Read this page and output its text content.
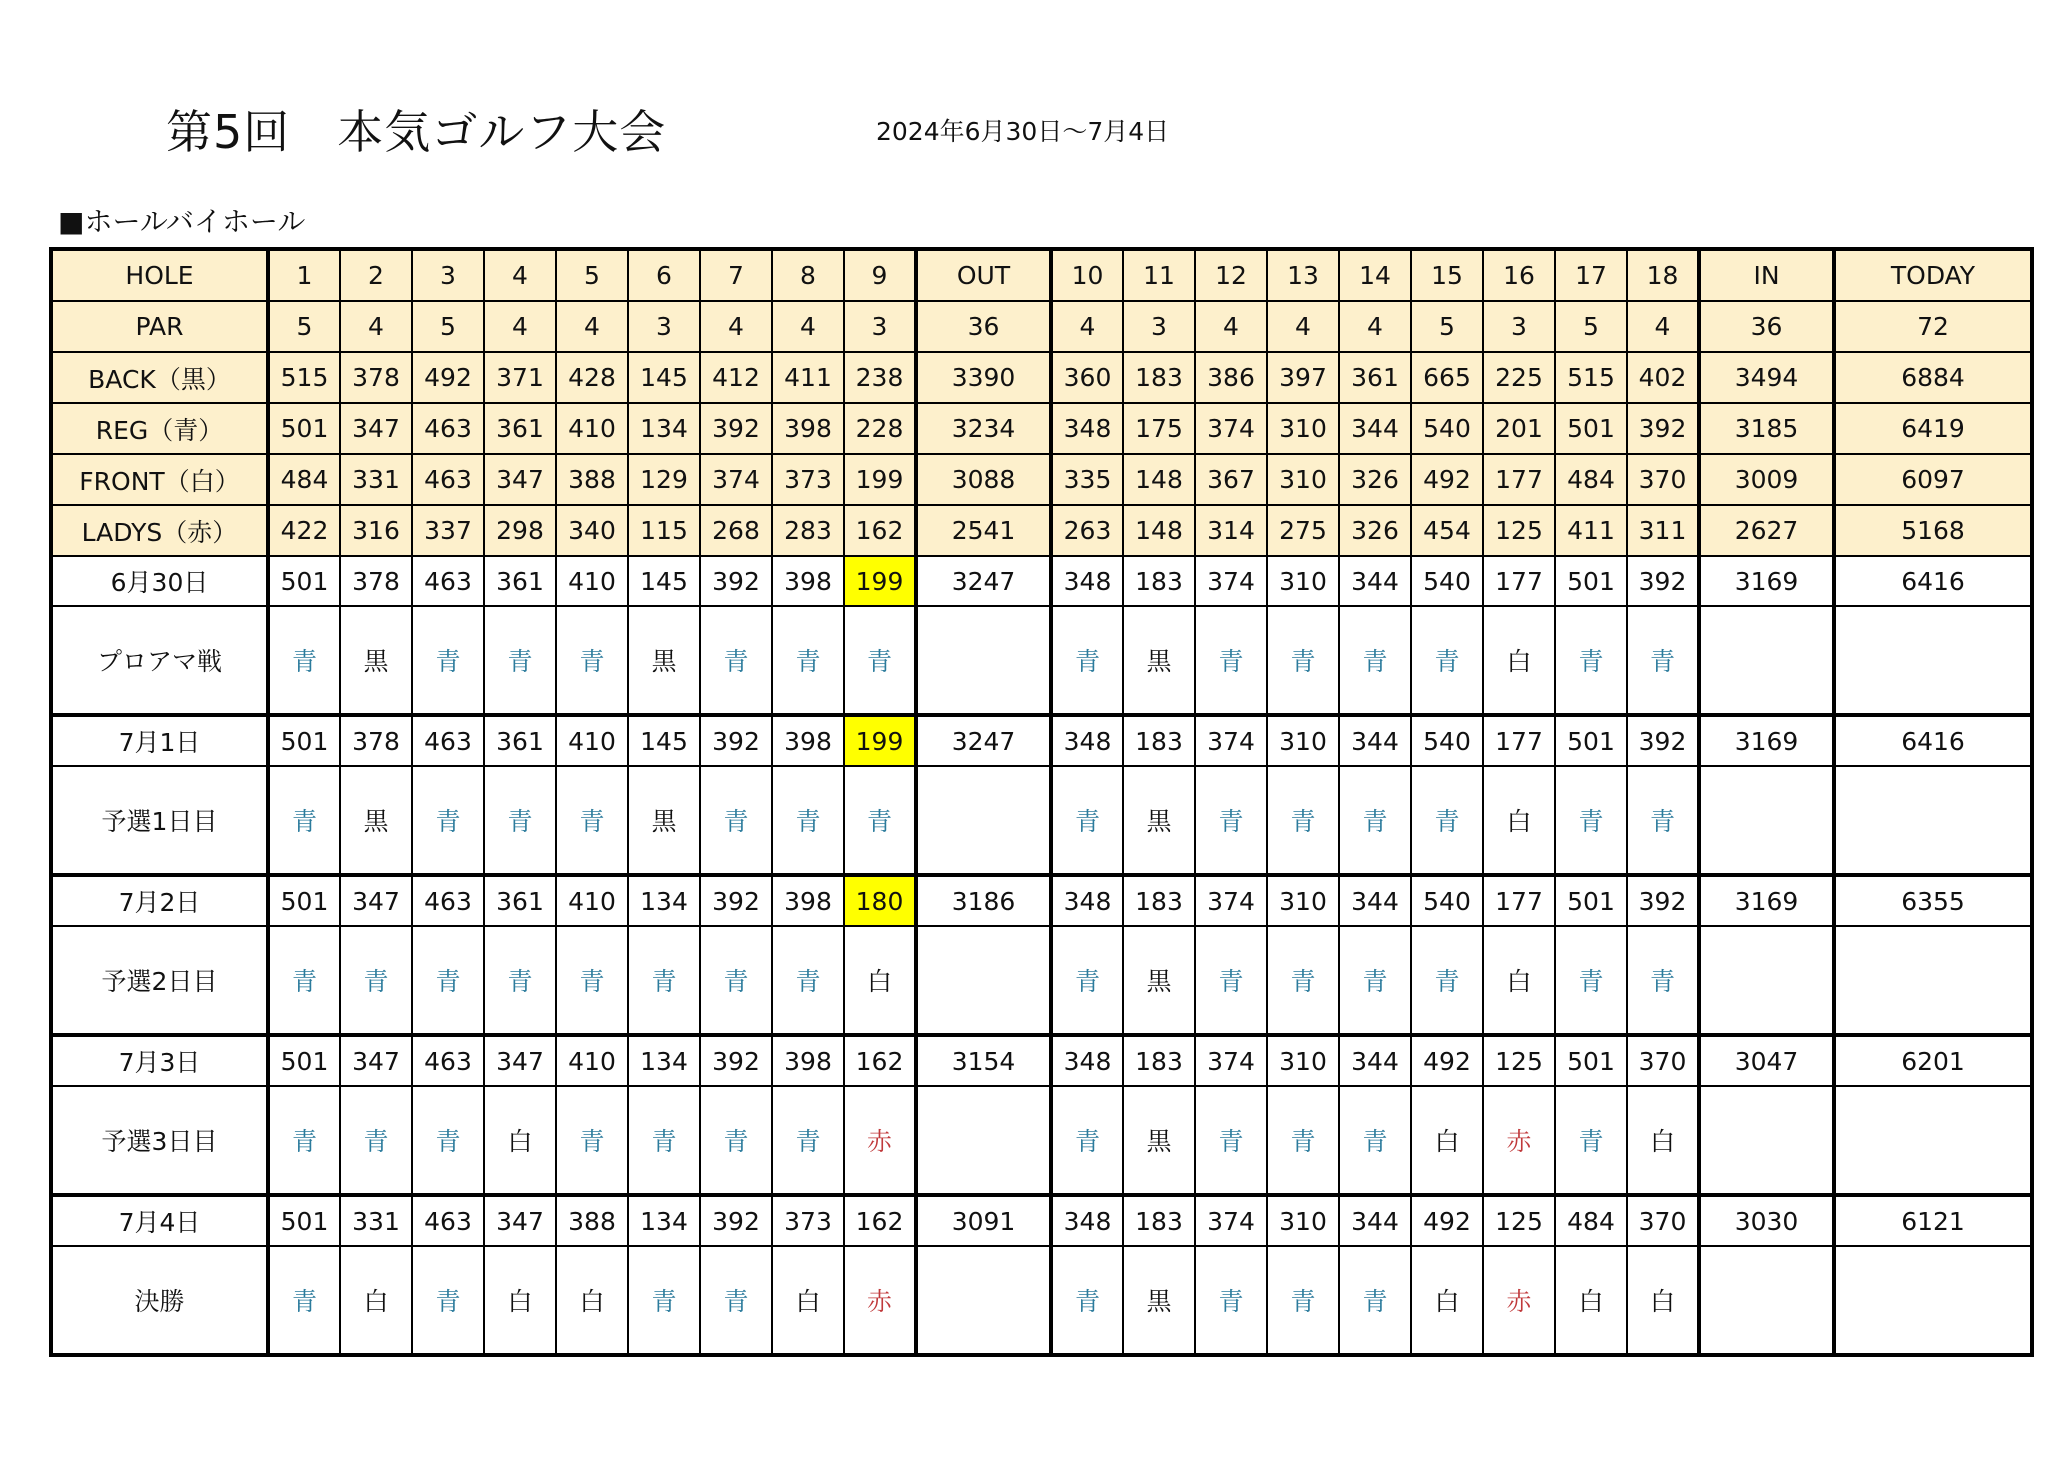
第5回　本気ゴルフ大会	2024年6月30日〜7月4日
■ホールバイホール
HOLE	1	2	3	4	5	6	7	8	9	OUT	10	11	12	13	14	15	16	17	18	IN	TODAY
PAR	5	4	5	4	4	3	4	4	3	36	4	3	4	4	4	5	3	5	4	36	72
BACK（黒）	515	378	492	371	428	145	412	411	238	3390	360	183	386	397	361	665	225	515	402	3494	6884
REG（青）	501	347	463	361	410	134	392	398	228	3234	348	175	374	310	344	540	201	501	392	3185	6419
FRONT（白）	484	331	463	347	388	129	374	373	199	3088	335	148	367	310	326	492	177	484	370	3009	6097
LADYS（赤）	422	316	337	298	340	115	268	283	162	2541	263	148	314	275	326	454	125	411	311	2627	5168
6月30日	501	378	463	361	410	145	392	398	199	3247	348	183	374	310	344	540	177	501	392	3169	6416
プロアマ戦	青	黒	青	青	青	黒	青	青	青		青	黒	青	青	青	青	白	青	青		
7月1日	501	378	463	361	410	145	392	398	199	3247	348	183	374	310	344	540	177	501	392	3169	6416
予選1日目	青	黒	青	青	青	黒	青	青	青		青	黒	青	青	青	青	白	青	青		
7月2日	501	347	463	361	410	134	392	398	180	3186	348	183	374	310	344	540	177	501	392	3169	6355
予選2日目	青	青	青	青	青	青	青	青	白		青	黒	青	青	青	青	白	青	青		
7月3日	501	347	463	347	410	134	392	398	162	3154	348	183	374	310	344	492	125	501	370	3047	6201
予選3日目	青	青	青	白	青	青	青	青	赤		青	黒	青	青	青	白	赤	青	白		
7月4日	501	331	463	347	388	134	392	373	162	3091	348	183	374	310	344	492	125	484	370	3030	6121
決勝	青	白	青	白	白	青	青	白	赤		青	黒	青	青	青	白	赤	白	白		
